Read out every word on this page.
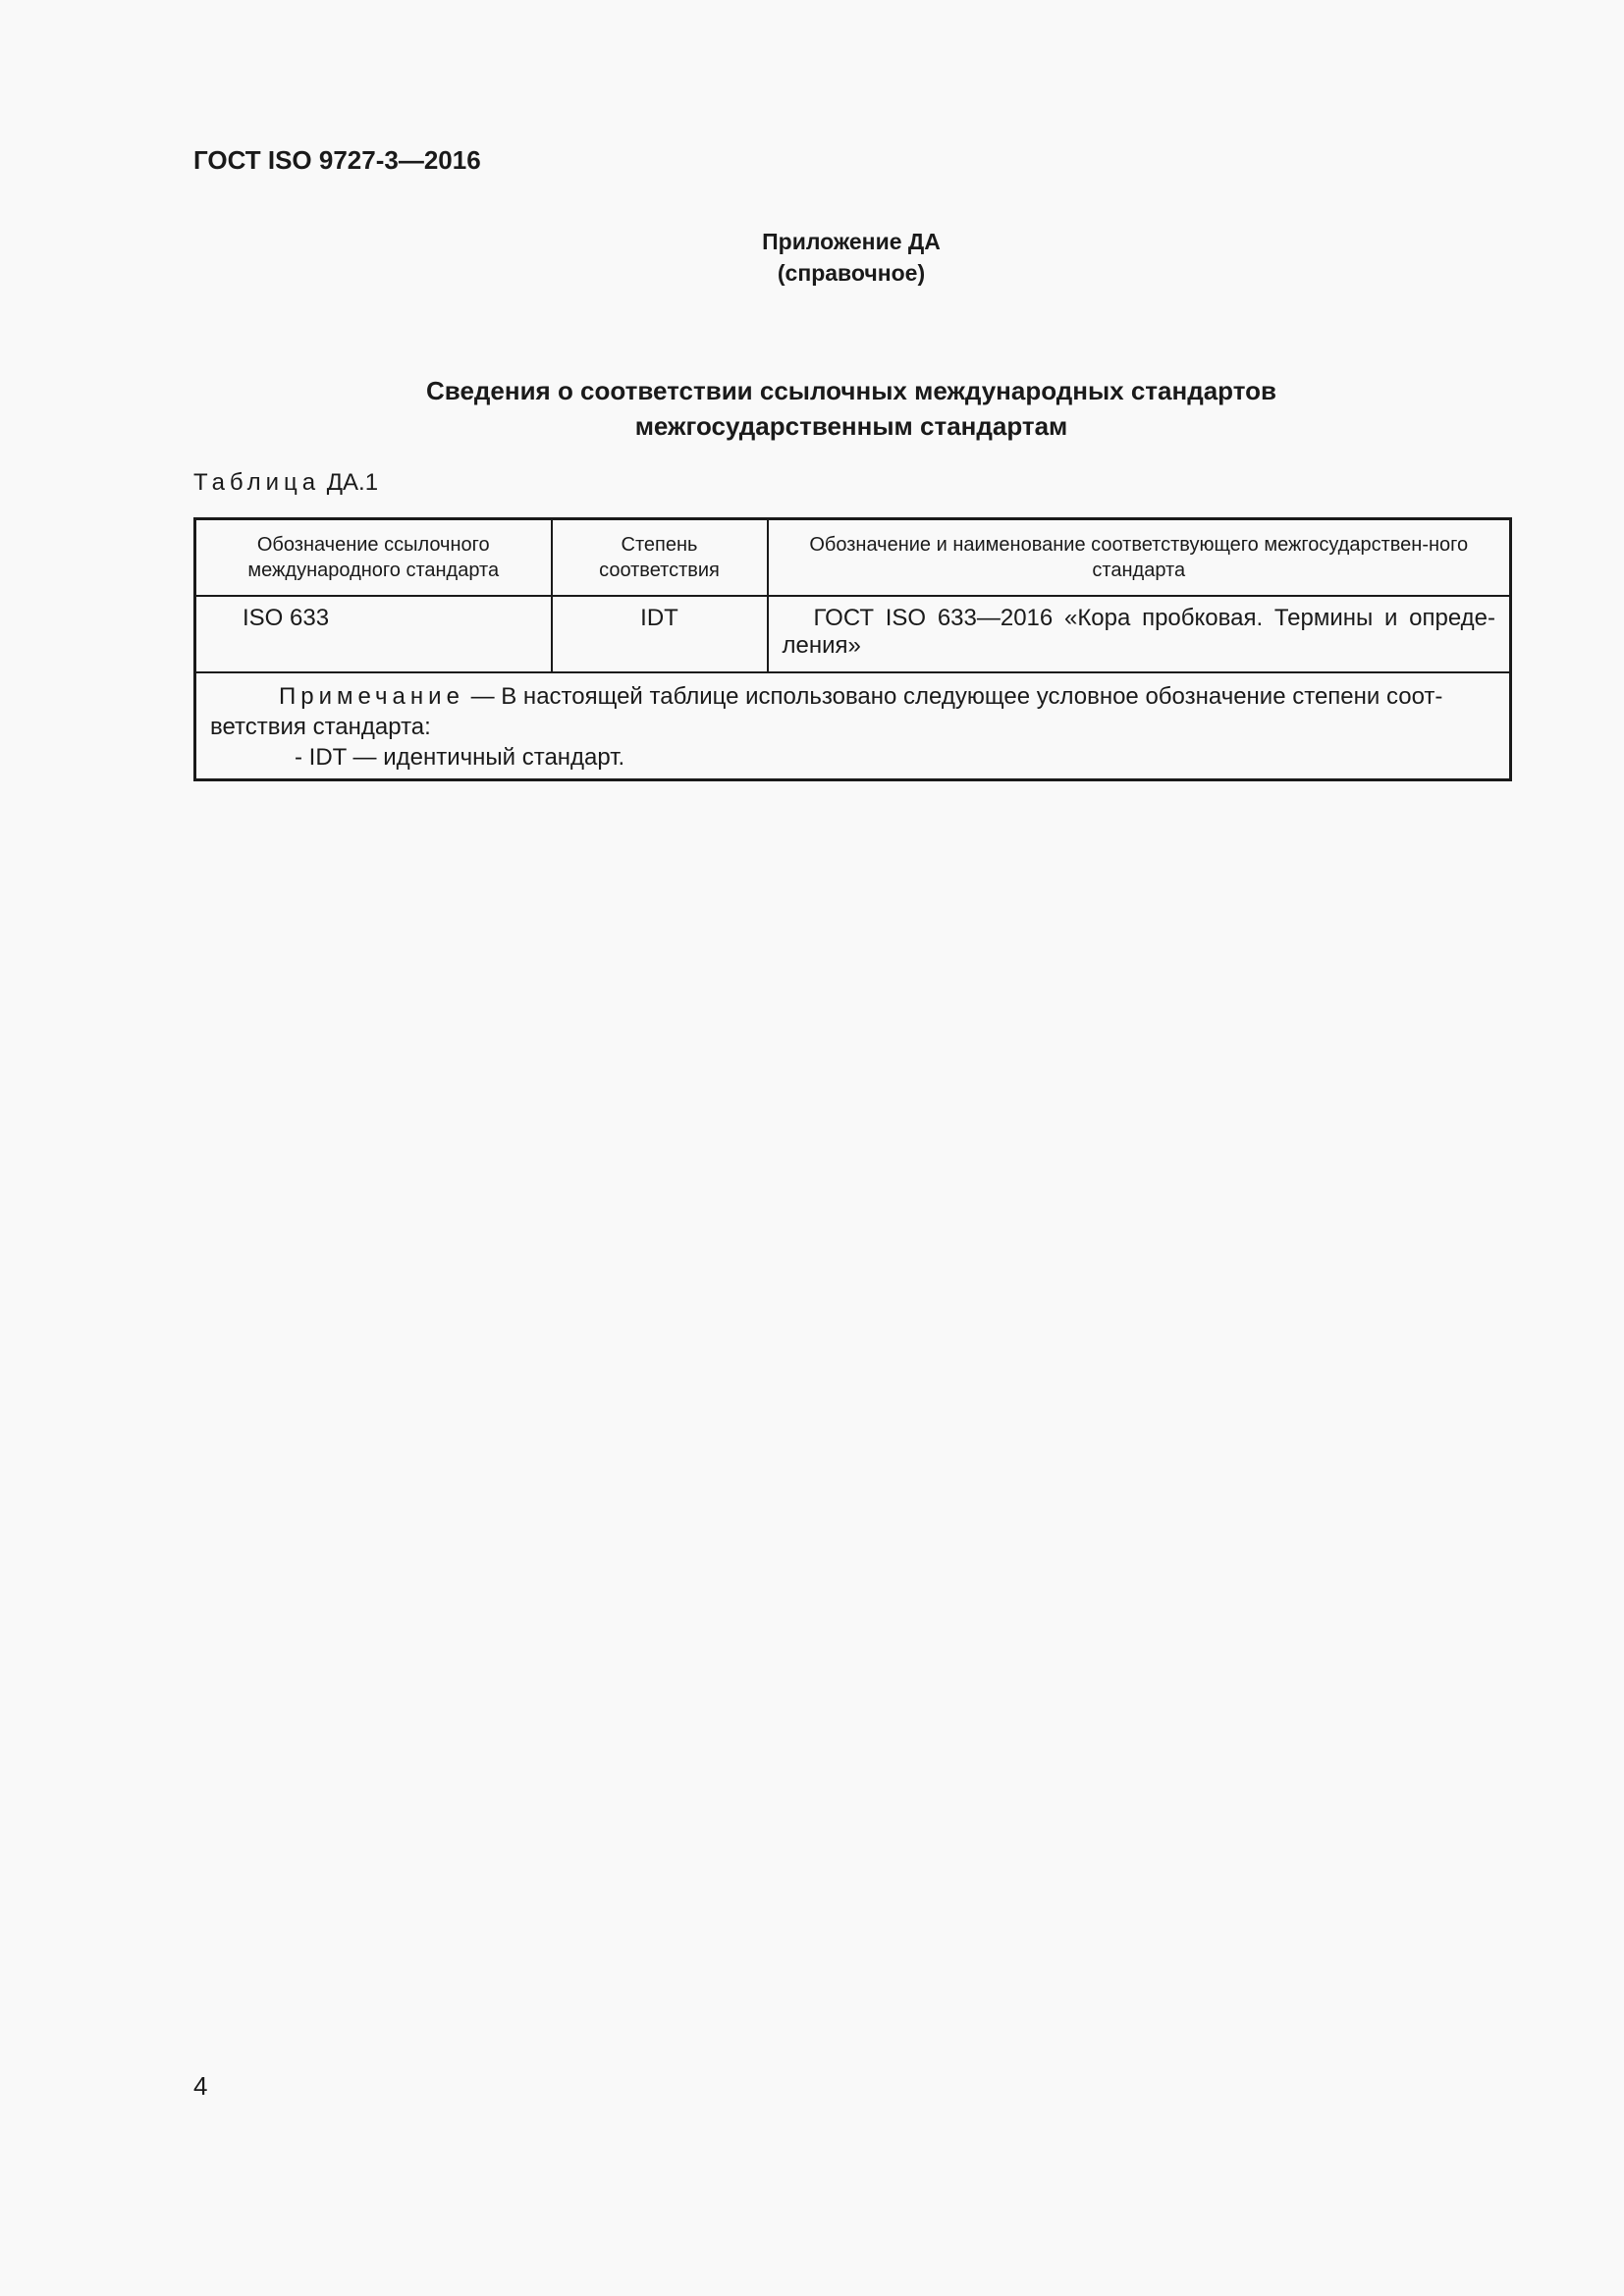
ГОСТ ISO 9727-3—2016
Приложение ДА
(справочное)
Сведения о соответствии ссылочных международных стандартов
межгосударственным стандартам
Таблица ДА.1
Обозначение ссылочного международного стандарта	Степень соответствия	Обозначение и наименование соответствующего межгосударствен-ного стандарта
ISO 633	IDT	ГОСТ ISO 633—2016 «Кора пробковая. Термины и опреде-ления»

Примечание — В настоящей таблице использовано следующее условное обозначение степени соот-ветствия стандарта:
- IDT — идентичный стандарт.		
4
